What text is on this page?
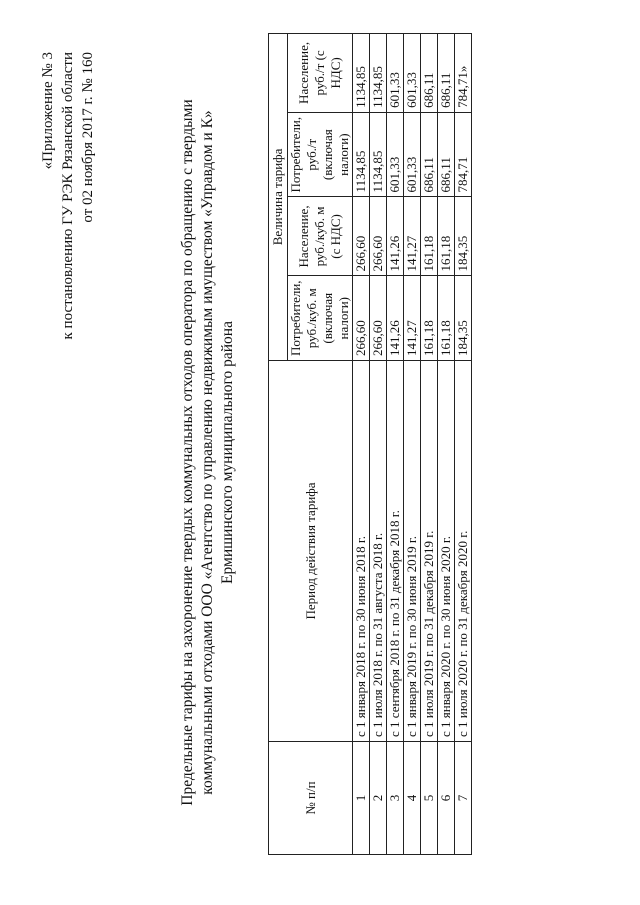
«Приложение № 3 к постановлению ГУ РЭК Рязанской области от 02 ноября 2017 г. № 160	Предельные тарифы на захоронение твердых коммунальных отходов оператора по обращению с твердыми коммунальными отходами ООО «Агентство по управлению недвижимым имуществом «Управдом и К» Ермишинского муниципального района
№ п/п	Период действия тарифа	Величина тарифа			
		Потребители, руб./куб. м (включая налоги)	Население, руб./куб. м (с НДС)	Потребители, руб./т (включая налоги)	Население, руб./т (с НДС)
1	с 1 января 2018 г. по 30 июня 2018 г.	266,60	266,60	1134,85	1134,85
2	с 1 июля 2018 г. по 31 августа 2018 г.	266,60	266,60	1134,85	1134,85
3	с 1 сентября 2018 г. по 31 декабря 2018 г.	141,26	141,26	601,33	601,33
4	с 1 января 2019 г. по 30 июня 2019 г.	141,27	141,27	601,33	601,33
5	с 1 июля 2019 г. по 31 декабря 2019 г.	161,18	161,18	686,11	686,11
6	с 1 января 2020 г. по 30 июня 2020 г.	161,18	161,18	686,11	686,11
7	с 1 июля 2020 г. по 31 декабря 2020 г.	184,35	184,35	784,71	784,71»
